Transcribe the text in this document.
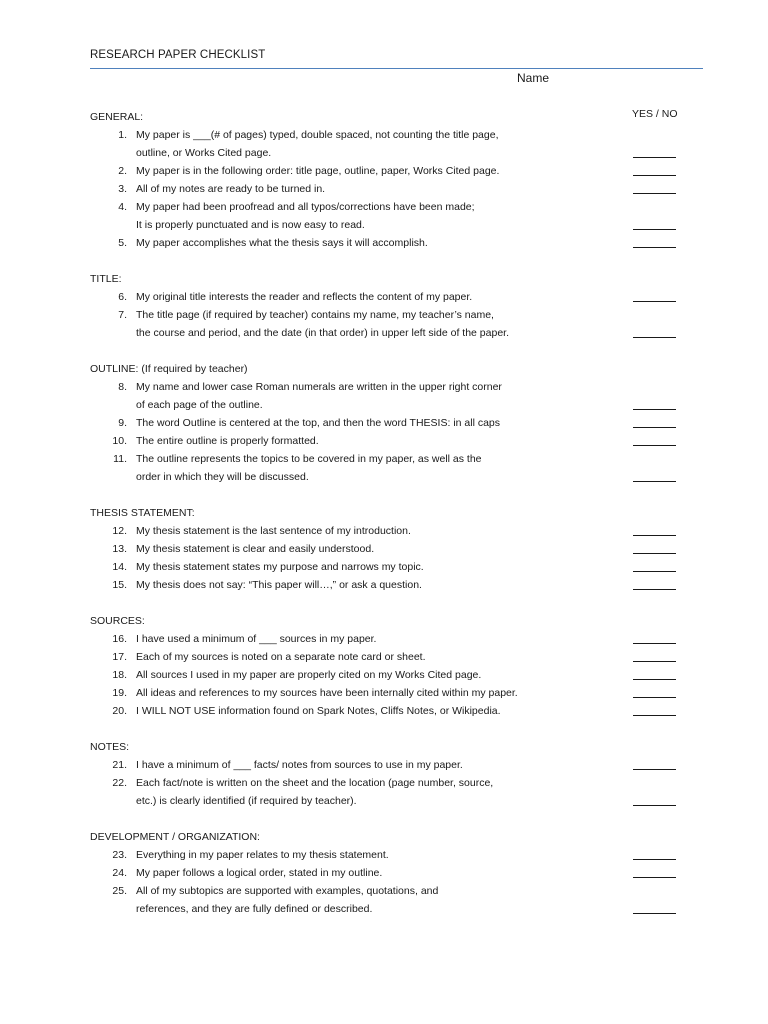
RESEARCH PAPER CHECKLIST
Name
YES / NO
GENERAL:
1. My paper is ___(# of pages) typed, double spaced, not counting the title page,
outline, or Works Cited page.
2. My paper is in the following order: title page, outline, paper, Works Cited page.
3. All of my notes are ready to be turned in.
4. My paper had been proofread and all typos/corrections have been made;
It is properly punctuated and is now easy to read.
5. My paper accomplishes what the thesis says it will accomplish.
TITLE:
6. My original title interests the reader and reflects the content of my paper.
7. The title page (if required by teacher) contains my name, my teacher’s name,
the course and period, and the date (in that order) in upper left side of the paper.
OUTLINE: (If required by teacher)
8. My name and lower case Roman numerals are written in the upper right corner
of each page of the outline.
9. The word Outline is centered at the top, and then the word THESIS: in all caps
10. The entire outline is properly formatted.
11. The outline represents the topics to be covered in my paper, as well as the
order in which they will be discussed.
THESIS STATEMENT:
12. My thesis statement is the last sentence of my introduction.
13. My thesis statement is clear and easily understood.
14. My thesis statement states my purpose and narrows my topic.
15. My thesis does not say: “This paper will…,” or ask a question.
SOURCES:
16. I have used a minimum of ___ sources in my paper.
17. Each of my sources is noted on a separate note card or sheet.
18. All sources I used in my paper are properly cited on my Works Cited page.
19. All ideas and references to my sources have been internally cited within my paper.
20. I WILL NOT USE information found on Spark Notes, Cliffs Notes, or Wikipedia.
NOTES:
21. I have a minimum of ___ facts/ notes from sources to use in my paper.
22. Each fact/note is written on the sheet and the location (page number, source,
etc.) is clearly identified (if required by teacher).
DEVELOPMENT / ORGANIZATION:
23. Everything in my paper relates to my thesis statement.
24. My paper follows a logical order, stated in my outline.
25. All of my subtopics are supported with examples, quotations, and
references, and they are fully defined or described.
